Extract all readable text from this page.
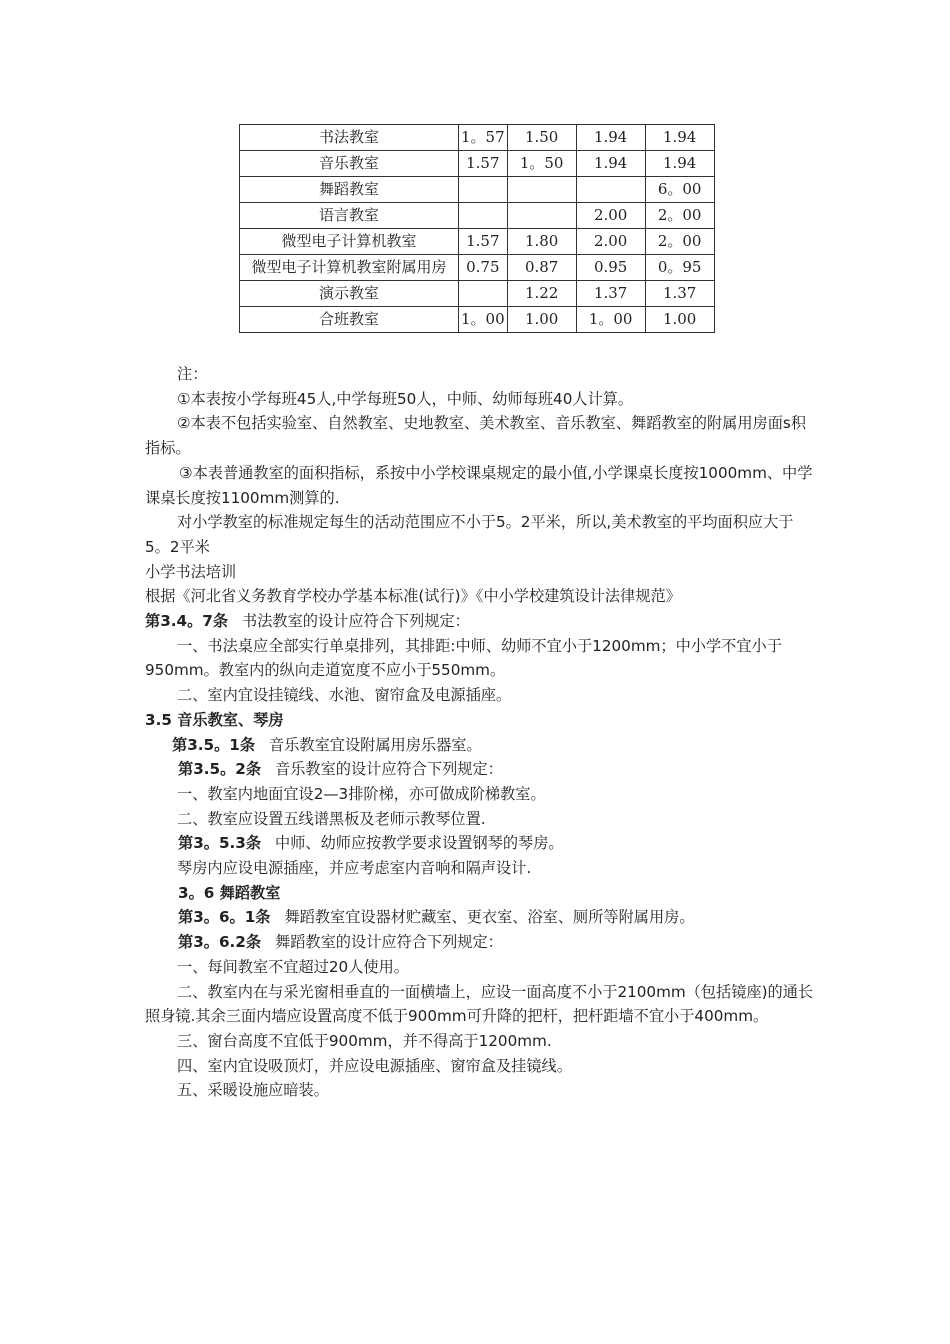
书法教室	1。57	1.50	1.94	1.94
音乐教室	1.57	1。50	1.94	1.94
舞蹈教室				6。00
语言教室			2.00	2。00
微型电子计算机教室	1.57	1.80	2.00	2。00
微型电子计算机教室附属用房	0.75	0.87	0.95	0。95
演示教室		1.22	1.37	1.37
合班教室	1。00	1.00	1。00	1.00

注：

①本表按小学每班45人,中学每班50人，中师、幼师每班40人计算。

②本表不包括实验室、自然教室、史地教室、美术教室、音乐教室、舞蹈教室的附属用房面s积指标。

③本表普通教室的面积指标，系按中小学校课桌规定的最小值,小学课桌长度按1000mm、中学课桌长度按1100mm测算的.

对小学教室的标准规定每生的活动范围应不小于5。2平米，所以,美术教室的平均面积应大于5。2平米

小学书法培训

根据《河北省义务教育学校办学基本标准(试行)》《中小学校建筑设计法律规范》

第3.4。7条 书法教室的设计应符合下列规定：

一、书法桌应全部实行单桌排列，其排距:中师、幼师不宜小于1200mm；中小学不宜小于950mm。教室内的纵向走道宽度不应小于550mm。

二、室内宜设挂镜线、水池、窗帘盒及电源插座。

3.5 音乐教室、琴房

第3.5。1条 音乐教室宜设附属用房乐器室。

第3.5。2条 音乐教室的设计应符合下列规定：

一、教室内地面宜设2—3排阶梯，亦可做成阶梯教室。

二、教室应设置五线谱黑板及老师示教琴位置.

第3。5.3条 中师、幼师应按教学要求设置钢琴的琴房。

琴房内应设电源插座，并应考虑室内音响和隔声设计.

3。6 舞蹈教室

第3。6。1条 舞蹈教室宜设器材贮藏室、更衣室、浴室、厕所等附属用房。

第3。6.2条 舞蹈教室的设计应符合下列规定：

一、每间教室不宜超过20人使用。

二、教室内在与采光窗相垂直的一面横墙上，应设一面高度不小于2100mm（包括镜座)的通长照身镜.其余三面内墙应设置高度不低于900mm可升降的把杆，把杆距墙不宜小于400mm。

三、窗台高度不宜低于900mm，并不得高于1200mm.

四、室内宜设吸顶灯，并应设电源插座、窗帘盒及挂镜线。

五、采暖设施应暗装。
